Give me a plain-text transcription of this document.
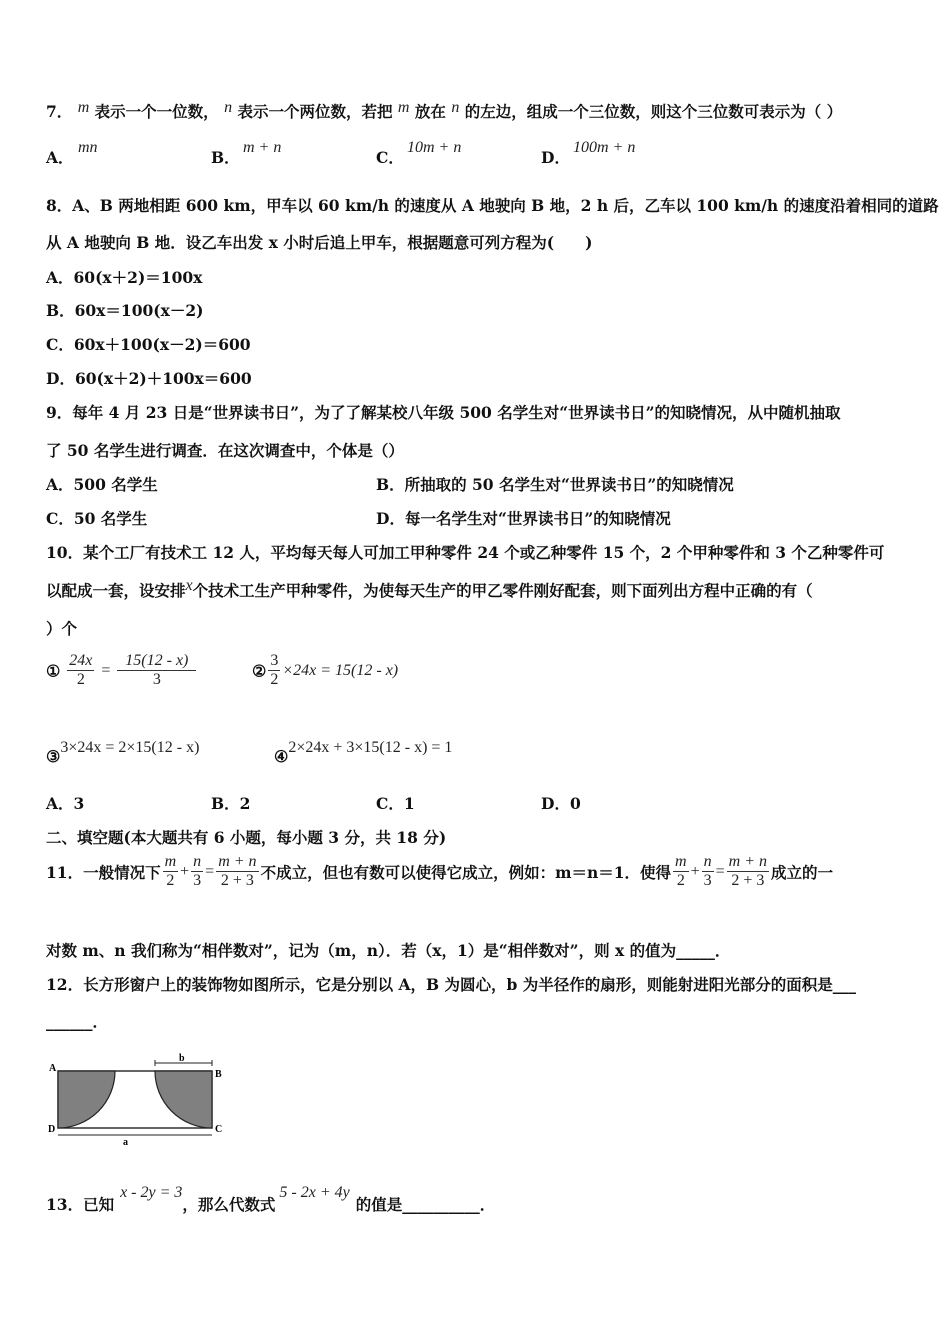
7． m 表示一个一位数， n 表示一个两位数，若把 m 放在 n 的左边，组成一个三位数，则这个三位数可表示为（ ）
A．
mn
B．
m + n
C．
10m + n
D．
100m + n
8．A、B 两地相距 600 km，甲车以 60 km/h 的速度从 A 地驶向 B 地，2 h 后，乙车以 100 km/h 的速度沿着相同的道路
从 A 地驶向 B 地．设乙车出发 x 小时后追上甲车，根据题意可列方程为(　　)
A．60(x＋2)＝100x
B．60x＝100(x－2)
C．60x＋100(x－2)＝600
D．60(x＋2)＋100x＝600
9．每年 4 月 23 日是“世界读书日”，为了了解某校八年级 500 名学生对“世界读书日”的知晓情况，从中随机抽取
了 50 名学生进行调查．在这次调查中，个体是（）
A．500 名学生	B．所抽取的 50 名学生对“世界读书日”的知晓情况
C．50 名学生	D．每一名学生对“世界读书日”的知晓情况
10．某个工厂有技术工 12 人，平均每天每人可加工甲种零件 24 个或乙种零件 15 个，2 个甲种零件和 3 个乙种零件可
以配成一套，设安排x个技术工生产甲种零件，为使每天生产的甲乙零件刚好配套，则下面列出方程中正确的有（
）个
① $\frac{24x}{2} = \frac{15(12 - x)}{3}$	② $\frac{3}{2} \times 24x = 15(12 - x)$
③3×24x = 2×15(12 - x)	④2×24x + 3×15(12 - x) = 1
A．3	B．2	C．1	D．0
二、填空题(本大题共有 6 小题，每小题 3 分，共 18 分)
11．一般情况下 $\frac{m}{2} + \frac{n}{3} = \frac{m + n}{2 + 3}$ 不成立，但也有数可以使得它成立，例如：m＝n＝1．使得 $\frac{m}{2} + \frac{n}{3} = \frac{m + n}{2 + 3}$ 成立的一
对数 m、n 我们称为“相伴数对”，记为（m，n）．若（x，1）是“相伴数对”，则 x 的值为_____．
12．长方形窗户上的装饰物如图所示，它是分别以 A，B 为圆心，b 为半径作的扇形，则能射进阳光部分的面积是___
______．
A
B
C
D
a
b
13．已知x - 2y = 3，那么代数式5 - 2x + 4y的值是__________．
